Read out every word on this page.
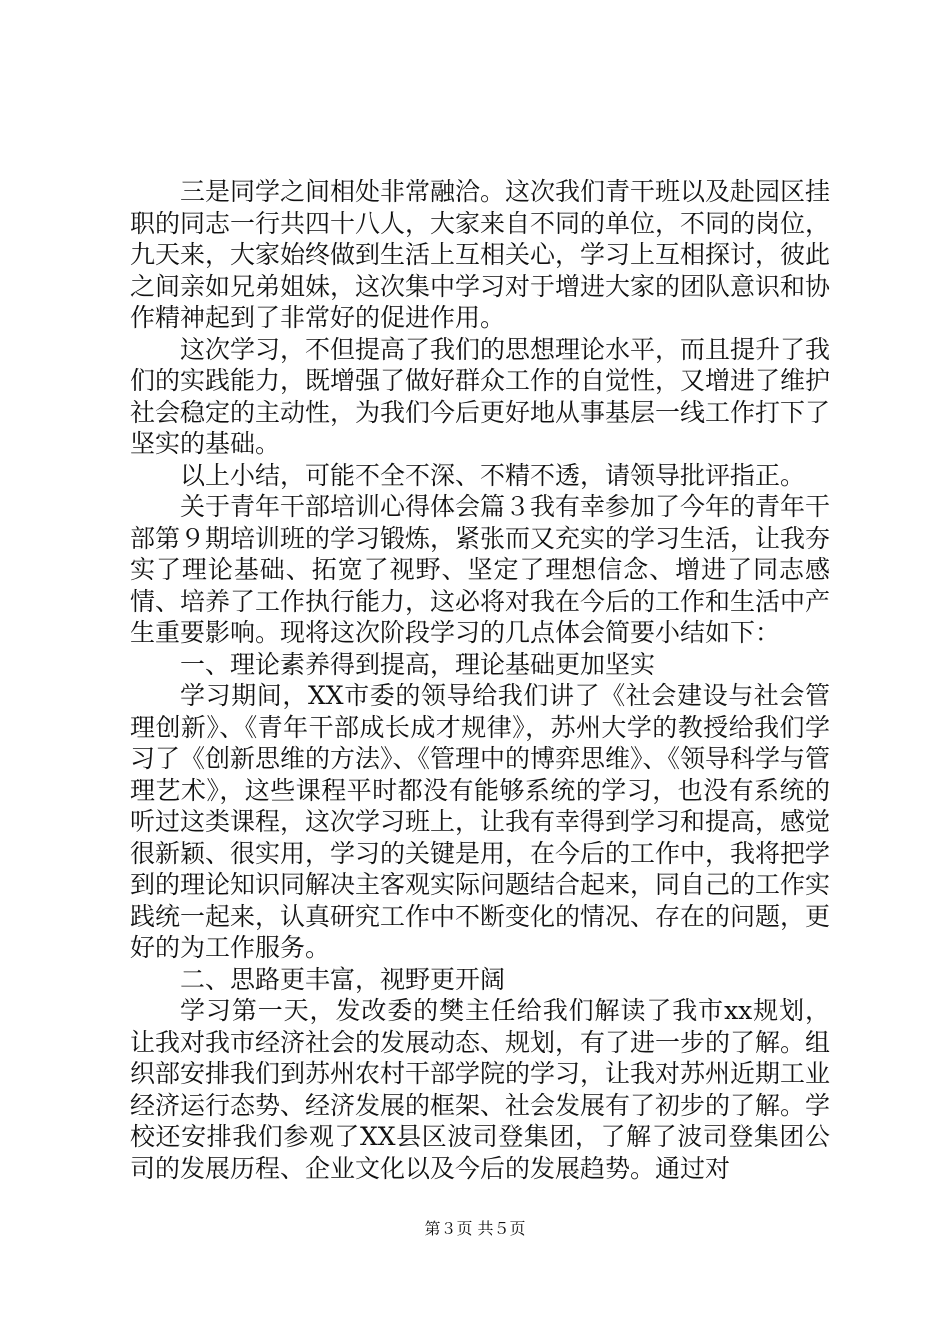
三是同学之间相处非常融洽。这次我们青干班以及赴园区挂职的同志一行共四十八人，大家来自不同的单位，不同的岗位，九天来，大家始终做到生活上互相关心，学习上互相探讨，彼此之间亲如兄弟姐妹，这次集中学习对于增进大家的团队意识和协作精神起到了非常好的促进作用。

这次学习，不但提高了我们的思想理论水平，而且提升了我们的实践能力，既增强了做好群众工作的自觉性，又增进了维护社会稳定的主动性，为我们今后更好地从事基层一线工作打下了坚实的基础。

以上小结，可能不全不深、不精不透，请领导批评指正。

关于青年干部培训心得体会篇３我有幸参加了今年的青年干部第９期培训班的学习锻炼，紧张而又充实的学习生活，让我夯实了理论基础、拓宽了视野、坚定了理想信念、增进了同志感情、培养了工作执行能力，这必将对我在今后的工作和生活中产生重要影响。现将这次阶段学习的几点体会简要小结如下：

一、理论素养得到提高，理论基础更加坚实

学习期间，XX市委的领导给我们讲了《社会建设与社会管理创新》、《青年干部成长成才规律》，苏州大学的教授给我们学习了《创新思维的方法》、《管理中的博弈思维》、《领导科学与管理艺术》，这些课程平时都没有能够系统的学习，也没有系统的听过这类课程，这次学习班上，让我有幸得到学习和提高，感觉很新颖、很实用，学习的关键是用，在今后的工作中，我将把学到的理论知识同解决主客观实际问题结合起来，同自己的工作实践统一起来，认真研究工作中不断变化的情况、存在的问题，更好的为工作服务。

二、思路更丰富，视野更开阔

学习第一天，发改委的樊主任给我们解读了我市xx规划，让我对我市经济社会的发展动态、规划，有了进一步的了解。组织部安排我们到苏州农村干部学院的学习，让我对苏州近期工业经济运行态势、经济发展的框架、社会发展有了初步的了解。学校还安排我们参观了XX县区波司登集团，了解了波司登集团公司的发展历程、企业文化以及今后的发展趋势。通过对

第３页 共５页
